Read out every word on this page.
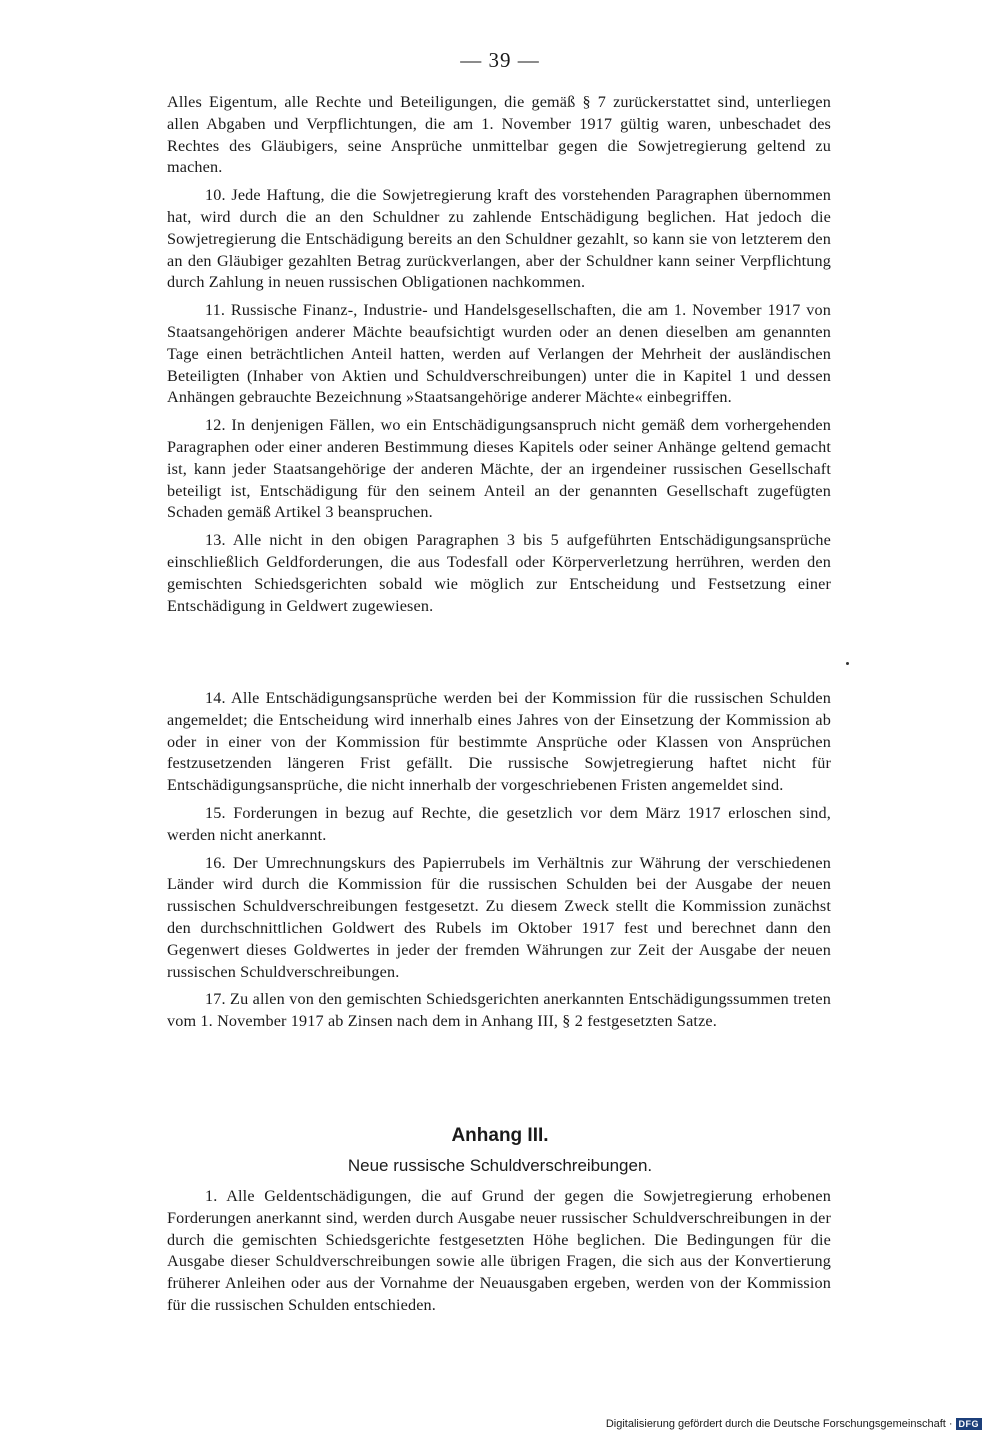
— 39 —

Alles Eigentum, alle Rechte und Beteiligungen, die gemäß § 7 zurückerstattet sind, unterliegen allen Abgaben und Verpflichtungen, die am 1. November 1917 gültig waren, unbeschadet des Rechtes des Gläubigers, seine Ansprüche unmittelbar gegen die Sowjetregierung geltend zu machen.

10. Jede Haftung, die die Sowjetregierung kraft des vorstehenden Paragraphen übernommen hat, wird durch die an den Schuldner zu zahlende Entschädigung beglichen. Hat jedoch die Sowjetregierung die Entschädigung bereits an den Schuldner gezahlt, so kann sie von letzterem den an den Gläubiger gezahlten Betrag zurückverlangen, aber der Schuldner kann seiner Verpflichtung durch Zahlung in neuen russischen Obligationen nachkommen.

11. Russische Finanz-, Industrie- und Handelsgesellschaften, die am 1. November 1917 von Staatsangehörigen anderer Mächte beaufsichtigt wurden oder an denen dieselben am genannten Tage einen beträchtlichen Anteil hatten, werden auf Verlangen der Mehrheit der ausländischen Beteiligten (Inhaber von Aktien und Schuldverschreibungen) unter die in Kapitel 1 und dessen Anhängen gebrauchte Bezeichnung »Staatsangehörige anderer Mächte« einbegriffen.

12. In denjenigen Fällen, wo ein Entschädigungsanspruch nicht gemäß dem vorhergehenden Paragraphen oder einer anderen Bestimmung dieses Kapitels oder seiner Anhänge geltend gemacht ist, kann jeder Staatsangehörige der anderen Mächte, der an irgendeiner russischen Gesellschaft beteiligt ist, Entschädigung für den seinem Anteil an der genannten Gesellschaft zugefügten Schaden gemäß Artikel 3 beanspruchen.

13. Alle nicht in den obigen Paragraphen 3 bis 5 aufgeführten Entschädigungsansprüche einschließlich Geldforderungen, die aus Todesfall oder Körperverletzung herrühren, werden den gemischten Schiedsgerichten sobald wie möglich zur Entscheidung und Festsetzung einer Entschädigung in Geldwert zugewiesen.

14. Alle Entschädigungsansprüche werden bei der Kommission für die russischen Schulden angemeldet; die Entscheidung wird innerhalb eines Jahres von der Einsetzung der Kommission ab oder in einer von der Kommission für bestimmte Ansprüche oder Klassen von Ansprüchen festzusetzenden längeren Frist gefällt. Die russische Sowjetregierung haftet nicht für Entschädigungsansprüche, die nicht innerhalb der vorgeschriebenen Fristen angemeldet sind.

15. Forderungen in bezug auf Rechte, die gesetzlich vor dem März 1917 erloschen sind, werden nicht anerkannt.

16. Der Umrechnungskurs des Papierrubels im Verhältnis zur Währung der verschiedenen Länder wird durch die Kommission für die russischen Schulden bei der Ausgabe der neuen russischen Schuldverschreibungen festgesetzt. Zu diesem Zweck stellt die Kommission zunächst den durchschnittlichen Goldwert des Rubels im Oktober 1917 fest und berechnet dann den Gegenwert dieses Goldwertes in jeder der fremden Währungen zur Zeit der Ausgabe der neuen russischen Schuldverschreibungen.

17. Zu allen von den gemischten Schiedsgerichten anerkannten Entschädigungssummen treten vom 1. November 1917 ab Zinsen nach dem in Anhang III, § 2 festgesetzten Satze.

Anhang III.
Neue russische Schuldverschreibungen.

1. Alle Geldentschädigungen, die auf Grund der gegen die Sowjetregierung erhobenen Forderungen anerkannt sind, werden durch Ausgabe neuer russischer Schuldverschreibungen in der durch die gemischten Schiedsgerichte festgesetzten Höhe beglichen. Die Bedingungen für die Ausgabe dieser Schuldverschreibungen sowie alle übrigen Fragen, die sich aus der Konvertierung früherer Anleihen oder aus der Vornahme der Neuausgaben ergeben, werden von der Kommission für die russischen Schulden entschieden.

Digitalisierung gefördert durch die Deutsche Forschungsgemeinschaft · DFG
